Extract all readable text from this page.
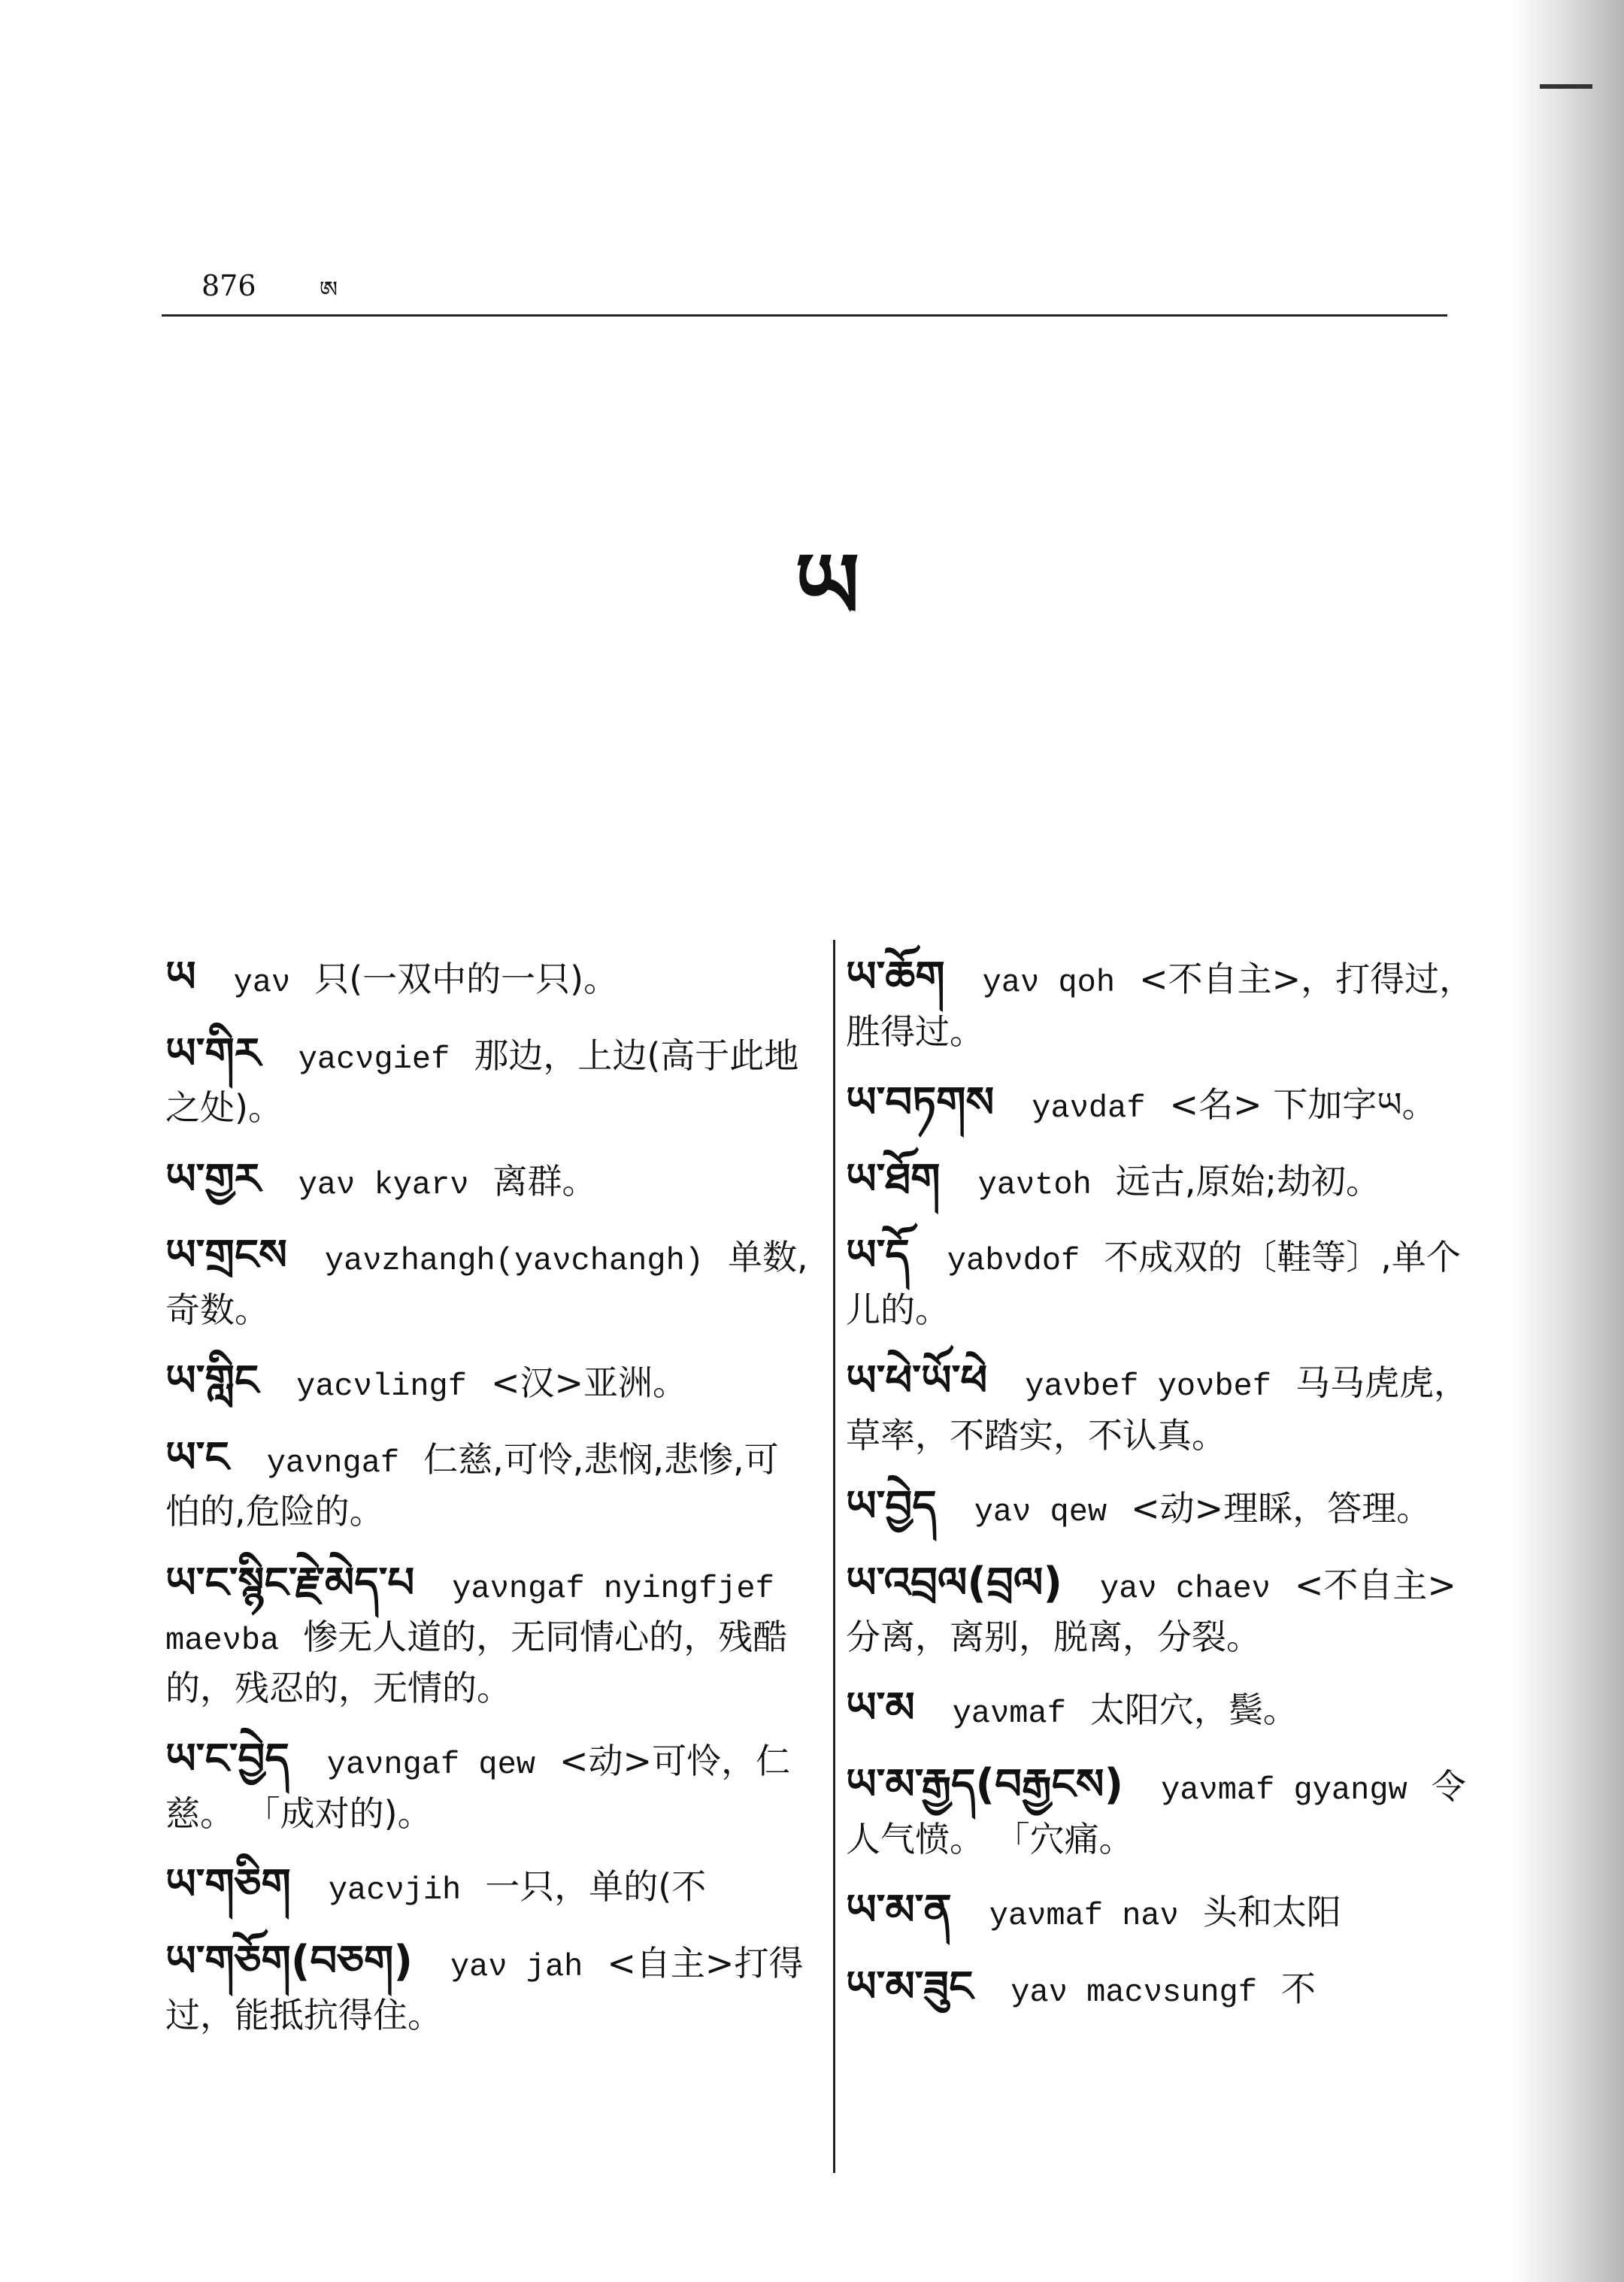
876	ཨ
ཡ
ཡ yaν 只(一双中的一只)。
ཡ་གིར yacνgief 那边，上边(高于此地之处)。
ཡ་གྱར yaν kyarν 离群。
ཡ་གྲངས yaνzhangh(yaνchangh) 单数,奇数。
ཡ་གླིང yacνlingf <汉>亚洲。
ཡ་ང yaνngaf 仁慈,可怜,悲悯,悲惨,可怕的,危险的。
ཡ་ང་སྙིང་རྗེ་མེད་པ yaνngaf nyingfjef maeνba 惨无人道的，无同情心的，残酷的，残忍的，无情的。
ཡ་ང་བྱེད yaνngaf qew <动>可怜，仁慈。 「成对的)。
ཡ་གཅིག yacνjih 一只，单的(不
ཡ་གཅོག(བཅག) yaν jah <自主>打得过，能抵抗得住。
ཡ་ཆོག yaν qoh <不自主>，打得过，胜得过。
ཡ་བཏགས yaνdaf <名> 下加字ཡ。
ཡ་ཐོག yaνtoh 远古,原始;劫初。
ཡ་དོ yabνdof 不成双的〔鞋等〕,单个儿的。
ཡ་ཕེ་ཡོ་ཕེ yaνbef yoνbef 马马虎虎，草率，不踏实，不认真。
ཡ་བྱེད yaν qew <动>理睬，答理。
ཡ་འབྲལ(བྲལ) yaν chaeν <不自主>分离，离别，脱离，分裂。
ཡ་མ yaνmaf 太阳穴，鬓。
ཡ་མ་རྒྱད(བརྒྱངས) yaνmaf gyangw 令人气愤。 「穴痛。
ཡ་མ་ན yaνmaf naν 头和太阳
ཡ་མ་ཟུང yaν macνsungf 不
